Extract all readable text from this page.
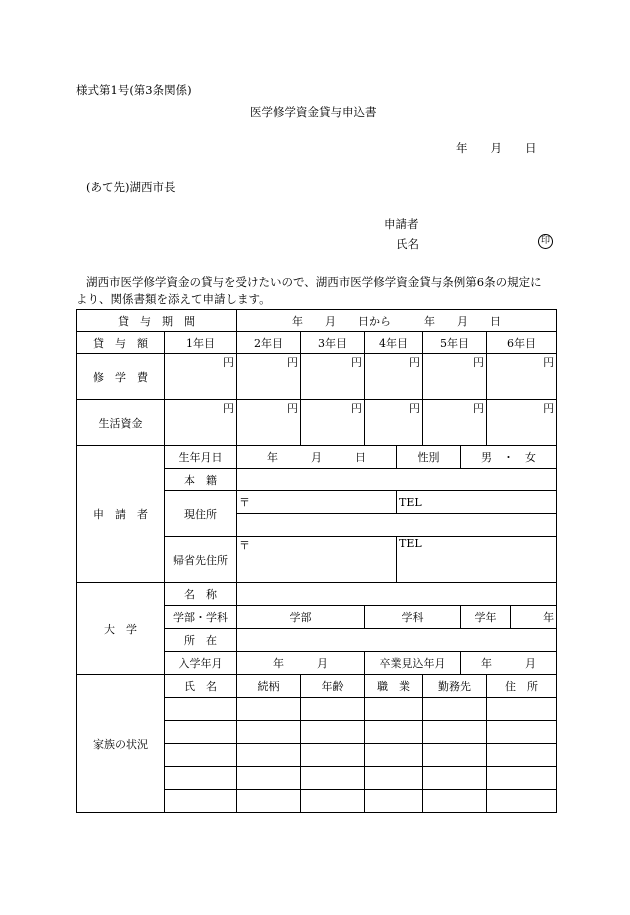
様式第1号(第3条関係)
医学修学資金貸与申込書
年　　月　　日
(あて先)湖西市長
申請者
氏名	印
湖西市医学修学資金の貸与を受けたいので、湖西市医学修学資金貸与条例第6条の規定に
より、関係書類を添えて申請します。
貸　与　期　間		年　　月　　日から　　　年　　月　　日							
貸　与　額	1年目	2年目	3年目	4年目		5年目		6年目	
修　学　費	円	円	円	円		円		円	
生活資金	円	円	円	円		円		円	
申　請　者	生年月日	年　　　月　　　日			性別		男　・　女		
	本　籍								
	現住所	〒			TEL				

	帰省先住所	〒			TEL				
大　学	名　称								
	学部・学科	学部		学科			学年		年
	所　在								
	入学年月	年　　　月		卒業見込年月			年　　　月		
家族の状況	氏　名	続柄	年齢	職　業		勤務先		住　所	
